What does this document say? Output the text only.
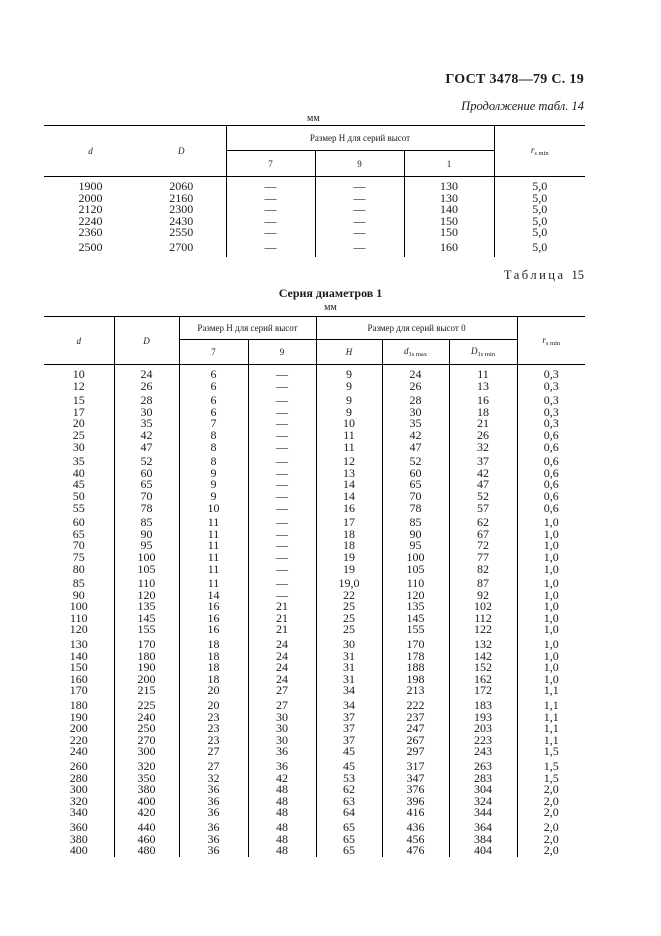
ГОСТ 3478—79 С. 19
Продолжение табл. 14
мм
d	D	Размер H для серий высот			$r_{s min}$
		7	9	1	

1900	2060	—	—	130	5,0
2000	2160	—	—	130	5,0
2120	2300	—	—	140	5,0
2240	2430	—	—	150	5,0
2360	2550	—	—	150	5,0

2500	2700	—	—	160	5,0

Таблица 15
Серия диаметров 1
мм
d	D	Размер H для серий высот		Размер для серий высот 0			$r_{s min}$
		7	9	H	$d_{1s max}$	$D_{1s min}$

10	24	6	—	9	24	11	0,3
12	26	6	—	9	26	13	0,3

15	28	6	—	9	28	16	0,3
17	30	6	—	9	30	18	0,3
20	35	7	—	10	35	21	0,3
25	42	8	—	11	42	26	0,6
30	47	8	—	11	47	32	0,6

35	52	8	—	12	52	37	0,6
40	60	9	—	13	60	42	0,6
45	65	9	—	14	65	47	0,6
50	70	9	—	14	70	52	0,6
55	78	10	—	16	78	57	0,6

60	85	11	—	17	85	62	1,0
65	90	11	—	18	90	67	1,0
70	95	11	—	18	95	72	1,0
75	100	11	—	19	100	77	1,0
80	105	11	—	19	105	82	1,0

85	110	11	—	19,0	110	87	1,0
90	120	14	—	22	120	92	1,0
100	135	16	21	25	135	102	1,0
110	145	16	21	25	145	112	1,0
120	155	16	21	25	155	122	1,0

130	170	18	24	30	170	132	1,0
140	180	18	24	31	178	142	1,0
150	190	18	24	31	188	152	1,0
160	200	18	24	31	198	162	1,0
170	215	20	27	34	213	172	1,1

180	225	20	27	34	222	183	1,1
190	240	23	30	37	237	193	1,1
200	250	23	30	37	247	203	1,1
220	270	23	30	37	267	223	1,1
240	300	27	36	45	297	243	1,5

260	320	27	36	45	317	263	1,5
280	350	32	42	53	347	283	1,5
300	380	36	48	62	376	304	2,0
320	400	36	48	63	396	324	2,0
340	420	36	48	64	416	344	2,0

360	440	36	48	65	436	364	2,0
380	460	36	48	65	456	384	2,0
400	480	36	48	65	476	404	2,0
